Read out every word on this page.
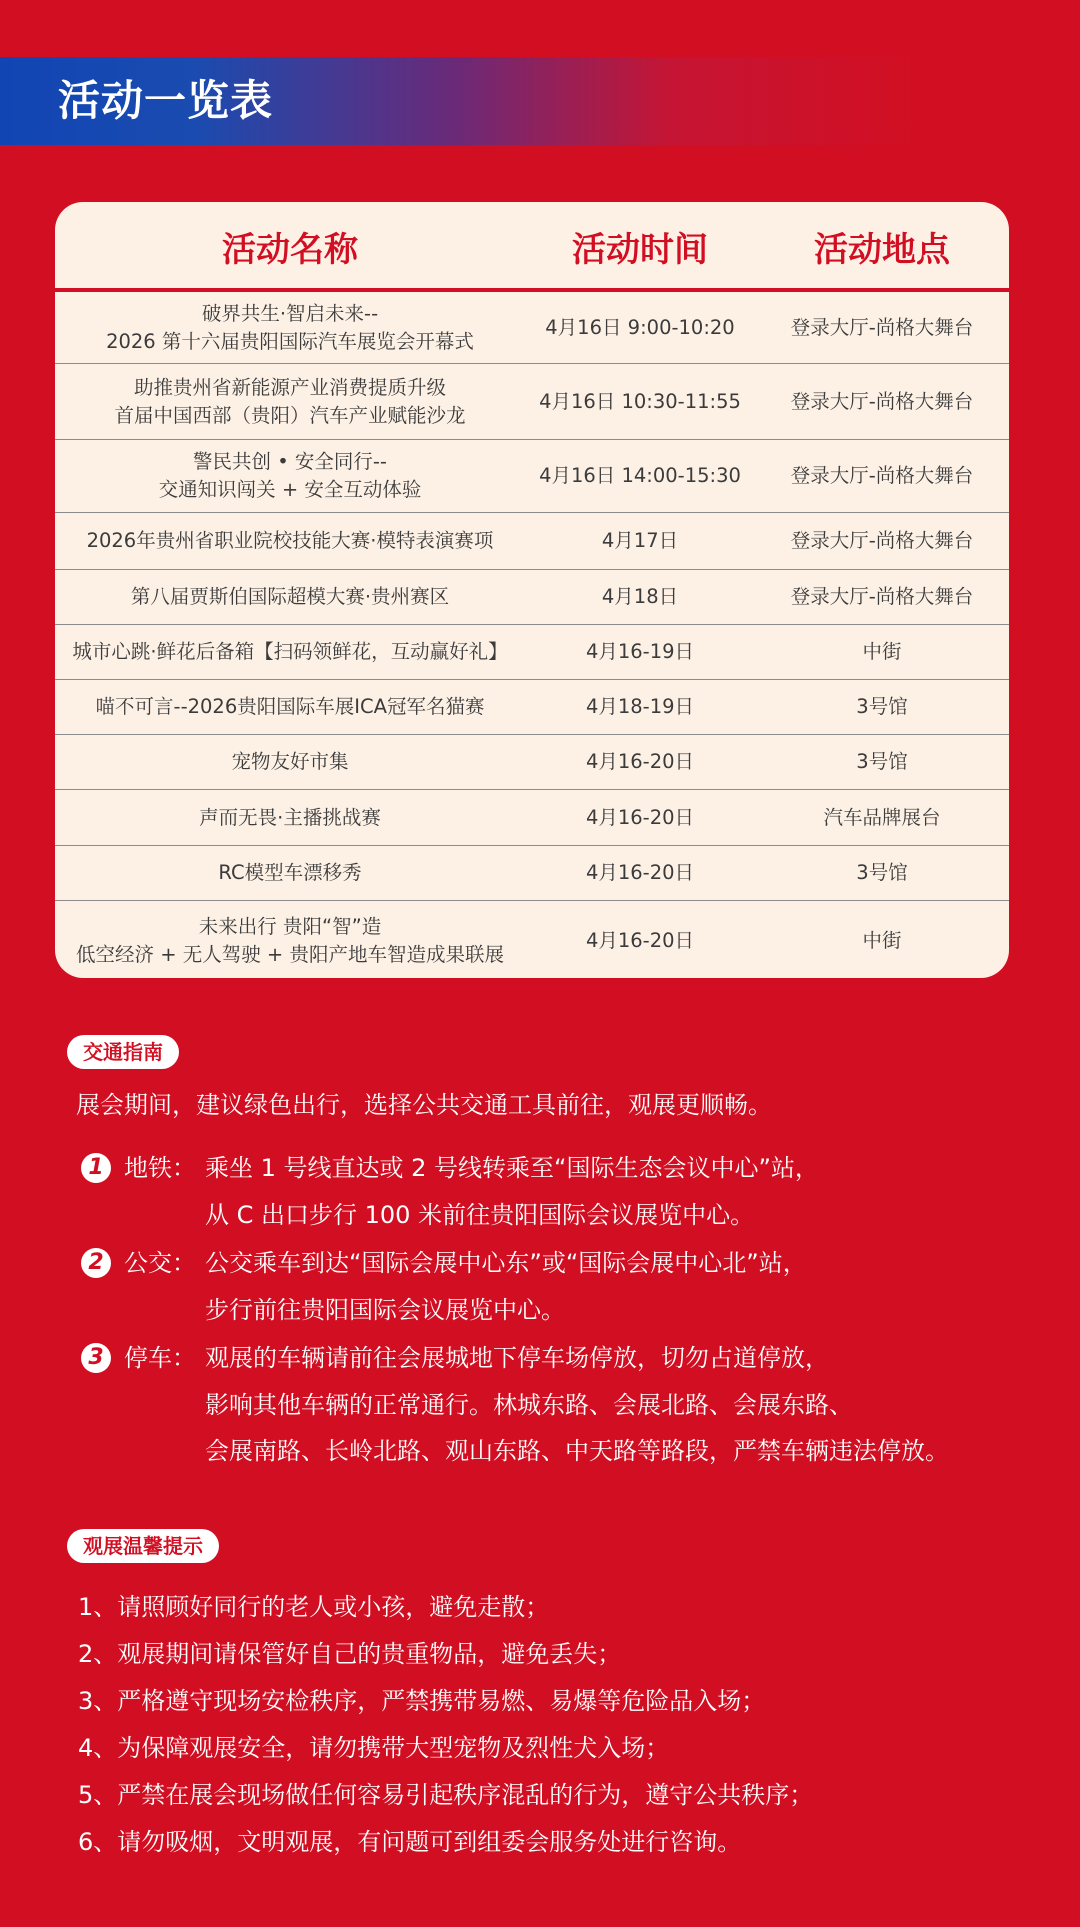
活动一览表
活动名称	活动时间	活动地点
破界共生·智启未来--
2026 第十六届贵阳国际汽车展览会开幕式
4月16日 9:00-10:20	登录大厅-尚格大舞台
助推贵州省新能源产业消费提质升级
首届中国西部（贵阳）汽车产业赋能沙龙
4月16日 10:30-11:55	登录大厅-尚格大舞台
警民共创 • 安全同行--
交通知识闯关 + 安全互动体验
4月16日 14:00-15:30	登录大厅-尚格大舞台
2026年贵州省职业院校技能大赛·模特表演赛项	4月17日	登录大厅-尚格大舞台
第八届贾斯伯国际超模大赛·贵州赛区	4月18日	登录大厅-尚格大舞台
城市心跳·鲜花后备箱【扫码领鲜花，互动赢好礼】	4月16-19日	中街
喵不可言--2026贵阳国际车展ICA冠军名猫赛	4月18-19日	3号馆
宠物友好市集	4月16-20日	3号馆
声而无畏·主播挑战赛	4月16-20日	汽车品牌展台
RC模型车漂移秀	4月16-20日	3号馆
未来出行 贵阳“智”造
低空经济 + 无人驾驶 + 贵阳产地车智造成果联展
4月16-20日	中街
交通指南
展会期间，建议绿色出行，选择公共交通工具前往，观展更顺畅。
1 地铁： 乘坐 1 号线直达或 2 号线转乘至“国际生态会议中心”站，
从 C 出口步行 100 米前往贵阳国际会议展览中心。
2 公交： 公交乘车到达“国际会展中心东”或“国际会展中心北”站，
步行前往贵阳国际会议展览中心。
3 停车： 观展的车辆请前往会展城地下停车场停放，切勿占道停放，
影响其他车辆的正常通行。林城东路、会展北路、会展东路、
会展南路、长岭北路、观山东路、中天路等路段，严禁车辆违法停放。
观展温馨提示
1、请照顾好同行的老人或小孩，避免走散；
2、观展期间请保管好自己的贵重物品，避免丢失；
3、严格遵守现场安检秩序，严禁携带易燃、易爆等危险品入场；
4、为保障观展安全，请勿携带大型宠物及烈性犬入场；
5、严禁在展会现场做任何容易引起秩序混乱的行为，遵守公共秩序；
6、请勿吸烟，文明观展，有问题可到组委会服务处进行咨询。
